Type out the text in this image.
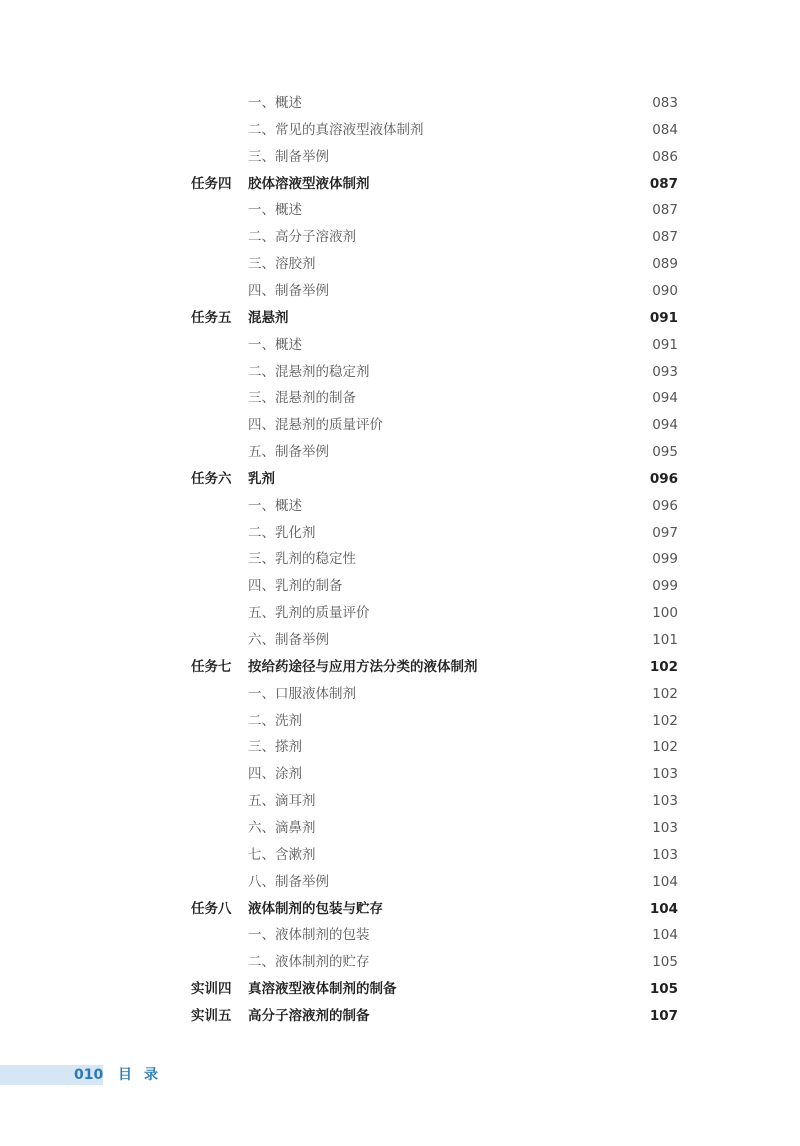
一、概述	083
二、常见的真溶液型液体制剂	084
三、制备举例	086
任务四 胶体溶液型液体制剂	087
一、概述	087
二、高分子溶液剂	087
三、溶胶剂	089
四、制备举例	090
任务五 混悬剂	091
一、概述	091
二、混悬剂的稳定剂	093
三、混悬剂的制备	094
四、混悬剂的质量评价	094
五、制备举例	095
任务六 乳剂	096
一、概述	096
二、乳化剂	097
三、乳剂的稳定性	099
四、乳剂的制备	099
五、乳剂的质量评价	100
六、制备举例	101
任务七 按给药途径与应用方法分类的液体制剂	102
一、口服液体制剂	102
二、洗剂	102
三、搽剂	102
四、涂剂	103
五、滴耳剂	103
六、滴鼻剂	103
七、含漱剂	103
八、制备举例	104
任务八 液体制剂的包装与贮存	104
一、液体制剂的包装	104
二、液体制剂的贮存	105
实训四 真溶液型液体制剂的制备	105
实训五 高分子溶液剂的制备	107
010 目录
